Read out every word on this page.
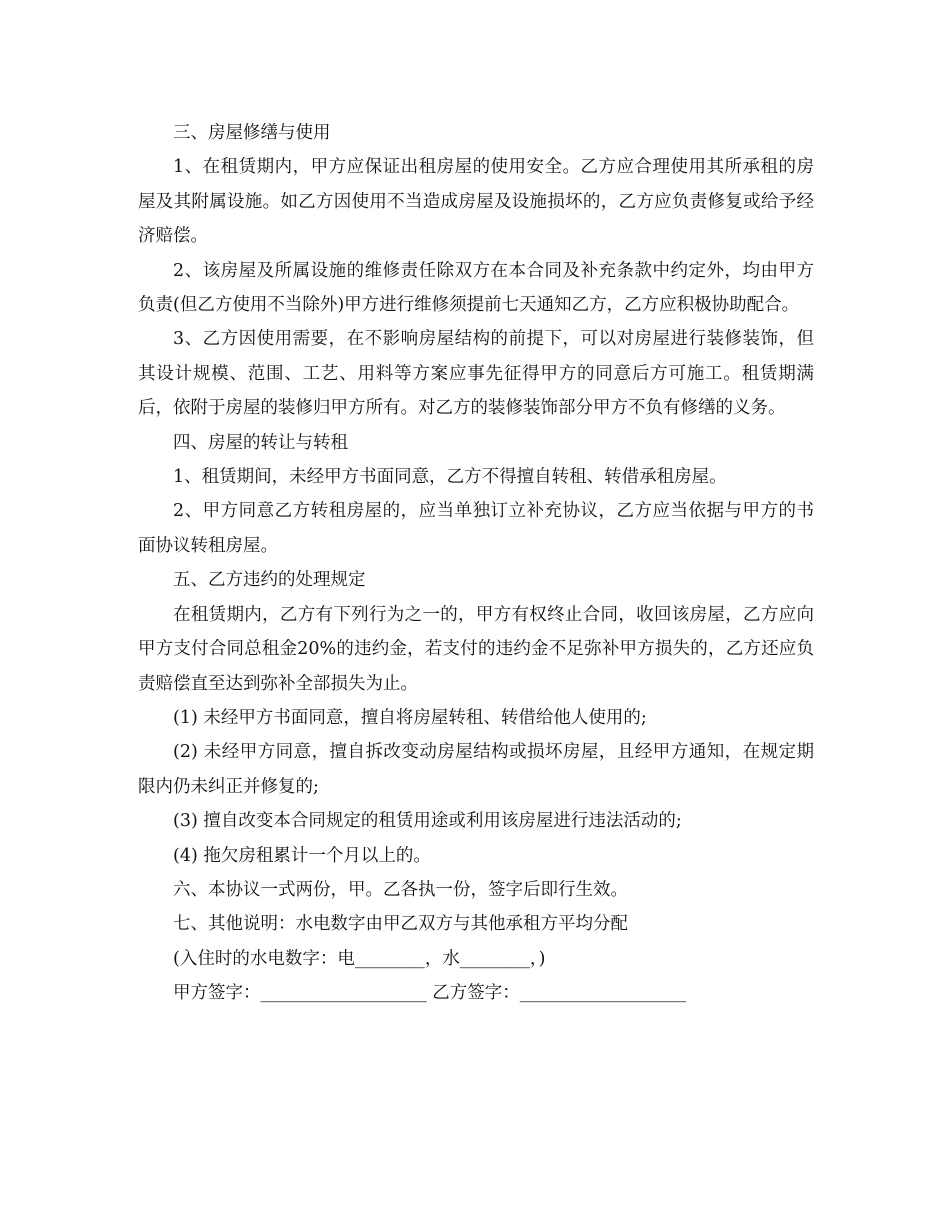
三、房屋修缮与使用

1、在租赁期内，甲方应保证出租房屋的使用安全。乙方应合理使用其所承租的房屋及其附属设施。如乙方因使用不当造成房屋及设施损坏的，乙方应负责修复或给予经济赔偿。

2、该房屋及所属设施的维修责任除双方在本合同及补充条款中约定外，均由甲方负责(但乙方使用不当除外)甲方进行维修须提前七天通知乙方，乙方应积极协助配合。

3、乙方因使用需要，在不影响房屋结构的前提下，可以对房屋进行装修装饰，但其设计规模、范围、工艺、用料等方案应事先征得甲方的同意后方可施工。租赁期满后，依附于房屋的装修归甲方所有。对乙方的装修装饰部分甲方不负有修缮的义务。

四、房屋的转让与转租

1、租赁期间，未经甲方书面同意，乙方不得擅自转租、转借承租房屋。

2、甲方同意乙方转租房屋的，应当单独订立补充协议，乙方应当依据与甲方的书面协议转租房屋。

五、乙方违约的处理规定

在租赁期内，乙方有下列行为之一的，甲方有权终止合同，收回该房屋，乙方应向甲方支付合同总租金20%的违约金，若支付的违约金不足弥补甲方损失的，乙方还应负责赔偿直至达到弥补全部损失为止。

(1) 未经甲方书面同意，擅自将房屋转租、转借给他人使用的;

(2) 未经甲方同意，擅自拆改变动房屋结构或损坏房屋，且经甲方通知，在规定期限内仍未纠正并修复的;

(3) 擅自改变本合同规定的租赁用途或利用该房屋进行违法活动的;

(4) 拖欠房租累计一个月以上的。

六、本协议一式两份，甲。乙各执一份，签字后即行生效。

七、其他说明：水电数字由甲乙双方与其他承租方平均分配

(入住时的水电数字：电________，水________，)

甲方签字：___________________ 乙方签字：___________________
